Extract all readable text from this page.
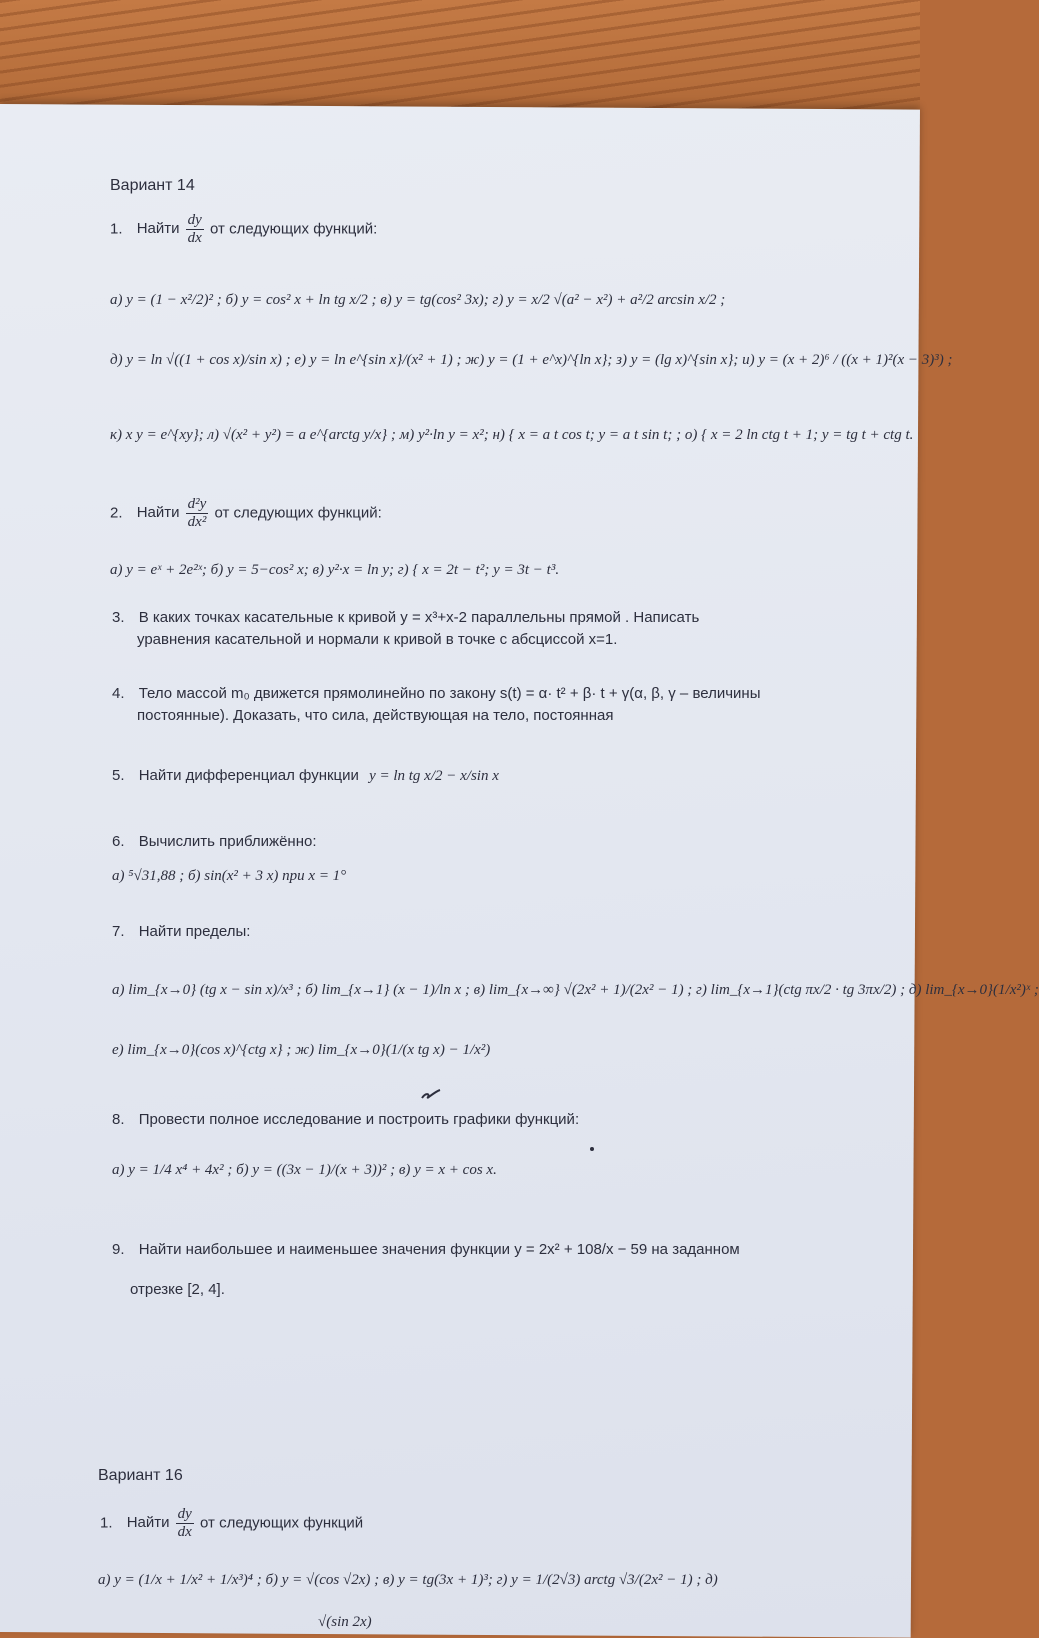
Вариант 14
1. Найти $\frac{dy}{dx}$ от следующих функций:
а) y = (1 − x²/2)² ; б) y = cos² x + ln tg x/2 ; в) y = tg(cos² 3x); г) y = x/2 √(a² − x²) + a²/2 arcsin x/2 ;
д) y = ln √((1 + cos x)/sin x) ; е) y = ln e^{sin x}/(x² + 1) ; ж) y = (1 + e^x)^{ln x}; з) y = (lg x)^{sin x}; и) y = (x + 2)⁶ / ((x + 1)²(x − 3)³) ;
к) x y = e^{xy}; л) √(x² + y²) = a e^{arctg y/x} ; м) y²·ln y = x²; н) { x = a t cos t; y = a t sin t; ; о) { x = 2 ln ctg t + 1; y = tg t + ctg t.
2. Найти $\frac{\text{d²y}}{\text{dx²}}$ от следующих функций:
а) y = eˣ + 2e²ˣ; б) y = 5−cos² x; в) y²·x = ln y; г) { x = 2t − t²; y = 3t − t³.
3. В каких точках касательные к кривой y = x³+x-2 параллельны прямой . Написать
уравнения касательной и нормали к кривой в точке с абсциссой x=1.
4. Тело массой m₀ движется прямолинейно по закону s(t) = α· t² + β· t + γ(α, β, γ – величины
постоянные). Доказать, что сила, действующая на тело, постоянная
5. Найти дифференциал функции y = ln tg x/2 − x/sin x
6. Вычислить приближённо:
а) ⁵√31,88 ; б) sin(x² + 3 x) при x = 1°
7. Найти пределы:
а) lim_{x→0} (tg x − sin x)/x³ ; б) lim_{x→1} (x − 1)/ln x ; в) lim_{x→∞} √(2x² + 1)/(2x² − 1) ; г) lim_{x→1}(ctg πx/2 · tg 3πx/2) ; д) lim_{x→0}(1/x²)ˣ ;
е) lim_{x→0}(cos x)^{ctg x} ; ж) lim_{x→0}(1/(x tg x) − 1/x²)
8. Провести полное исследование и построить графики функций:
а) y = 1/4 x⁴ + 4x² ; б) y = ((3x − 1)/(x + 3))² ; в) y = x + cos x.
9. Найти наибольшее и наименьшее значения функции y = 2x² + 108/x − 59 на заданном
отрезке [2, 4].
Вариант 16
1. Найти $\frac{dy}{dx}$ от следующих функций
а) y = (1/x + 1/x² + 1/x³)⁴ ; б) y = √(cos √2x) ; в) y = tg(3x + 1)³; г) y = 1/(2√3) arctg √3/(2x² − 1) ; д)
√(sin 2x)
